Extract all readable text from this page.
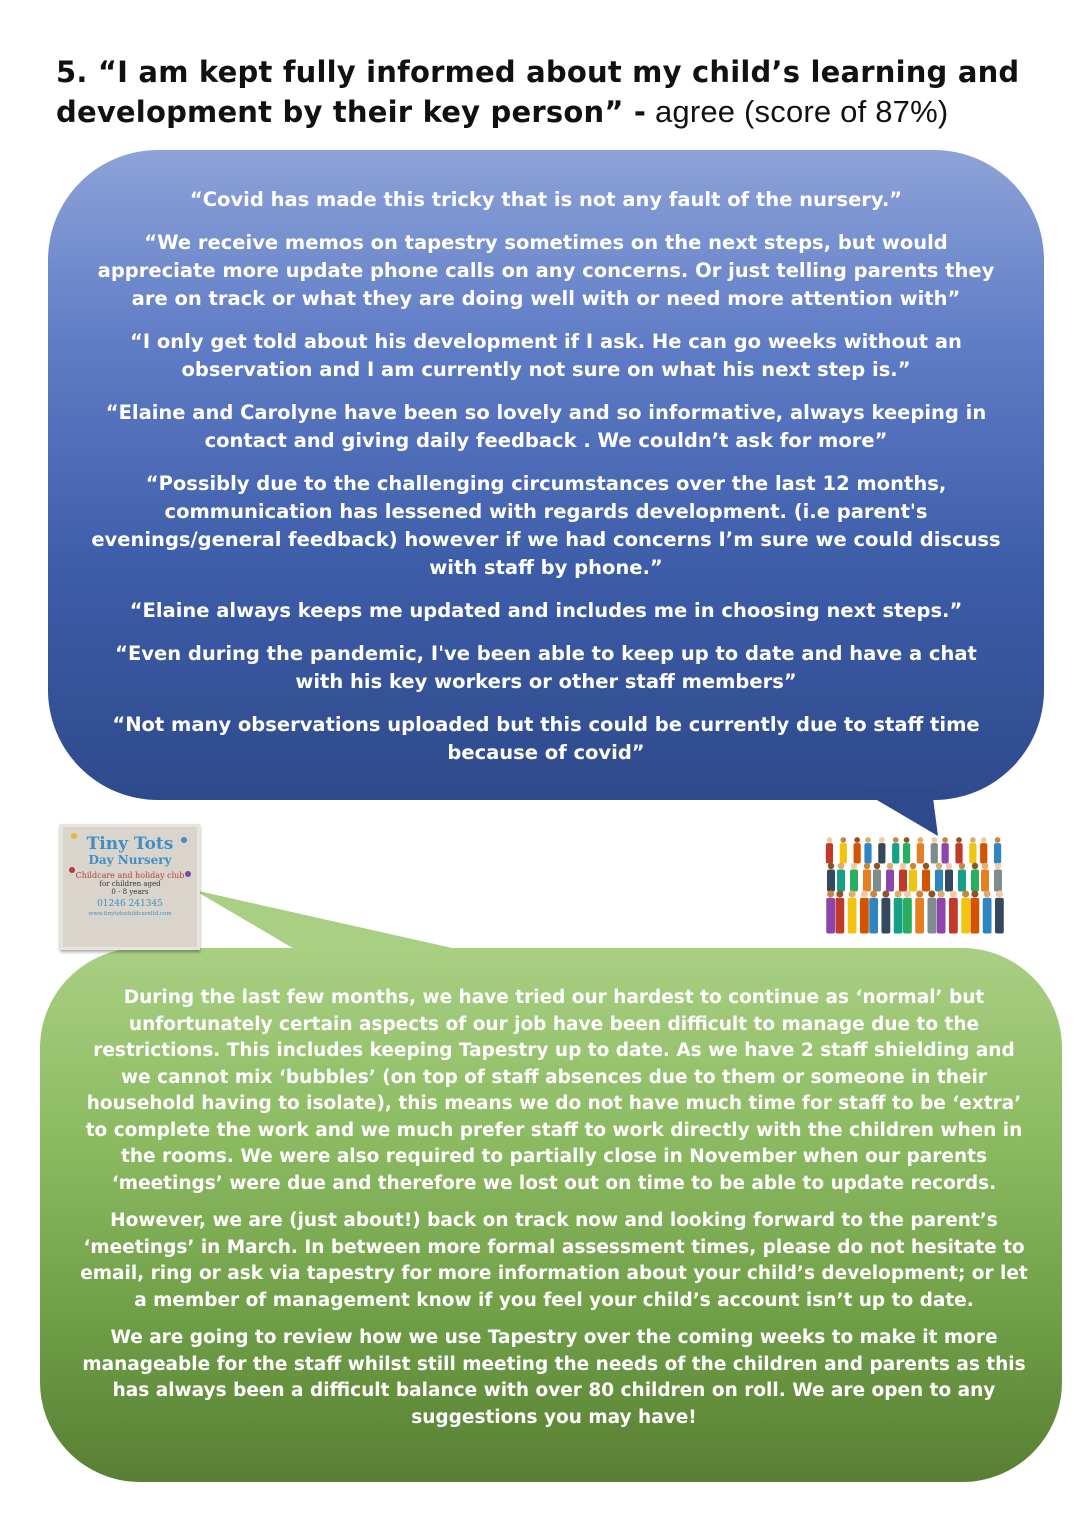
5. “I am kept fully informed about my child’s learning and development by their key person” - agree (score of 87%)

“Covid has made this tricky that is not any fault of the nursery.”

“We receive memos on tapestry sometimes on the next steps, but would appreciate more update phone calls on any concerns. Or just telling parents they are on track or what they are doing well with or need more attention with”

“I only get told about his development if I ask. He can go weeks without an observation and I am currently not sure on what his next step is.”

“Elaine and Carolyne have been so lovely and so informative, always keeping in contact and giving daily feedback . We couldn’t ask for more”

“Possibly due to the challenging circumstances over the last 12 months, communication has lessened with regards development. (i.e parent's evenings/general feedback) however if we had concerns I’m sure we could discuss with staff by phone.”

“Elaine always keeps me updated and includes me in choosing next steps.”

“Even during the pandemic, I've been able to keep up to date and have a chat with his key workers or other staff members”

“Not many observations uploaded but this could be currently due to staff time because of covid”

During the last few months, we have tried our hardest to continue as ‘normal’ but unfortunately certain aspects of our job have been difficult to manage due to the restrictions. This includes keeping Tapestry up to date. As we have 2 staff shielding and we cannot mix ‘bubbles’ (on top of staff absences due to them or someone in their household having to isolate), this means we do not have much time for staff to be ‘extra’ to complete the work and we much prefer staff to work directly with the children when in the rooms. We were also required to partially close in November when our parents ‘meetings’ were due and therefore we lost out on time to be able to update records.

However, we are (just about!) back on track now and looking forward to the parent’s ‘meetings’ in March. In between more formal assessment times, please do not hesitate to email, ring or ask via tapestry for more information about your child’s development; or let a member of management know if you feel your child’s account isn’t up to date.

We are going to review how we use Tapestry over the coming weeks to make it more manageable for the staff whilst still meeting the needs of the children and parents as this has always been a difficult balance with over 80 children on roll. We are open to any suggestions you may have!

Tiny Tots
Day Nursery
Childcare and holiday club
for children aged
0 - 8 years
01246 241345
www.tinytotschildcareltd.com
